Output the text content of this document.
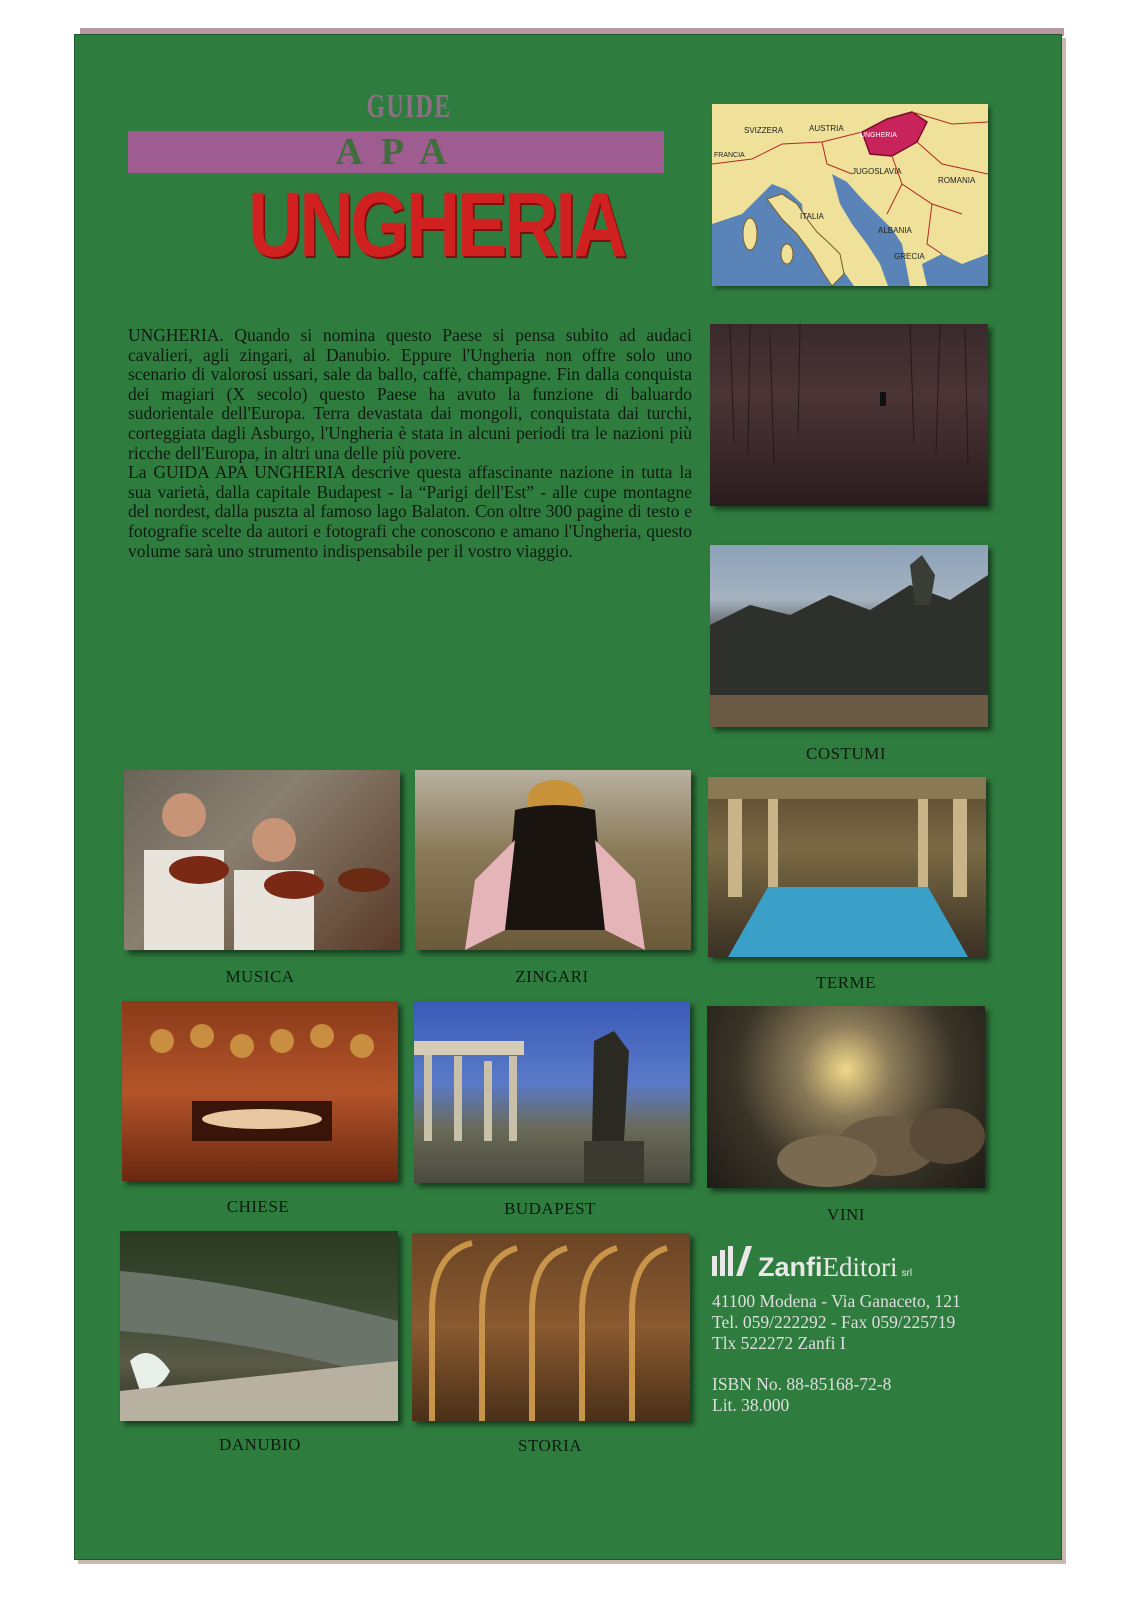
GUIDE
APA
UNGHERIA

UNGHERIA. Quando si nomina questo Paese si pensa subito ad audaci cavalieri, agli zingari, al Danubio. Eppure l'Ungheria non offre solo uno scenario di valorosi ussari, sale da ballo, caffè, champagne. Fin dalla conquista dei magiari (X secolo) questo Paese ha avuto la funzione di baluardo sudorientale dell'Europa. Terra devastata dai mongoli, conquistata dai turchi, corteggiata dagli Asburgo, l'Ungheria è stata in alcuni periodi tra le nazioni più ricche dell'Europa, in altri una delle più povere.

La GUIDA APA UNGHERIA descrive questa affascinante nazione in tutta la sua varietà, dalla capitale Budapest - la “Parigi dell'Est” - alle cupe montagne del nordest, dalla puszta al famoso lago Balaton. Con oltre 300 pagine di testo e fotografie scelte da autori e fotografi che conoscono e amano l'Ungheria, questo volume sarà uno strumento indispensabile per il vostro viaggio.

SVIZZERA	AUSTRIA
UNGHERIA
FRANCIA
JUGOSLAVIA
ROMANIA
ITALIA
ALBANIA
GRECIA
COSTUMI
MUSICA	ZINGARI	TERME
CHIESE	BUDAPEST	VINI
DANUBIO	STORIA
Zanfi Editori srl
41100 Modena - Via Ganaceto, 121
Tel. 059/222292 - Fax 059/225719
Tlx 522272 Zanfi I
ISBN No. 88-85168-72-8
Lit. 38.000
